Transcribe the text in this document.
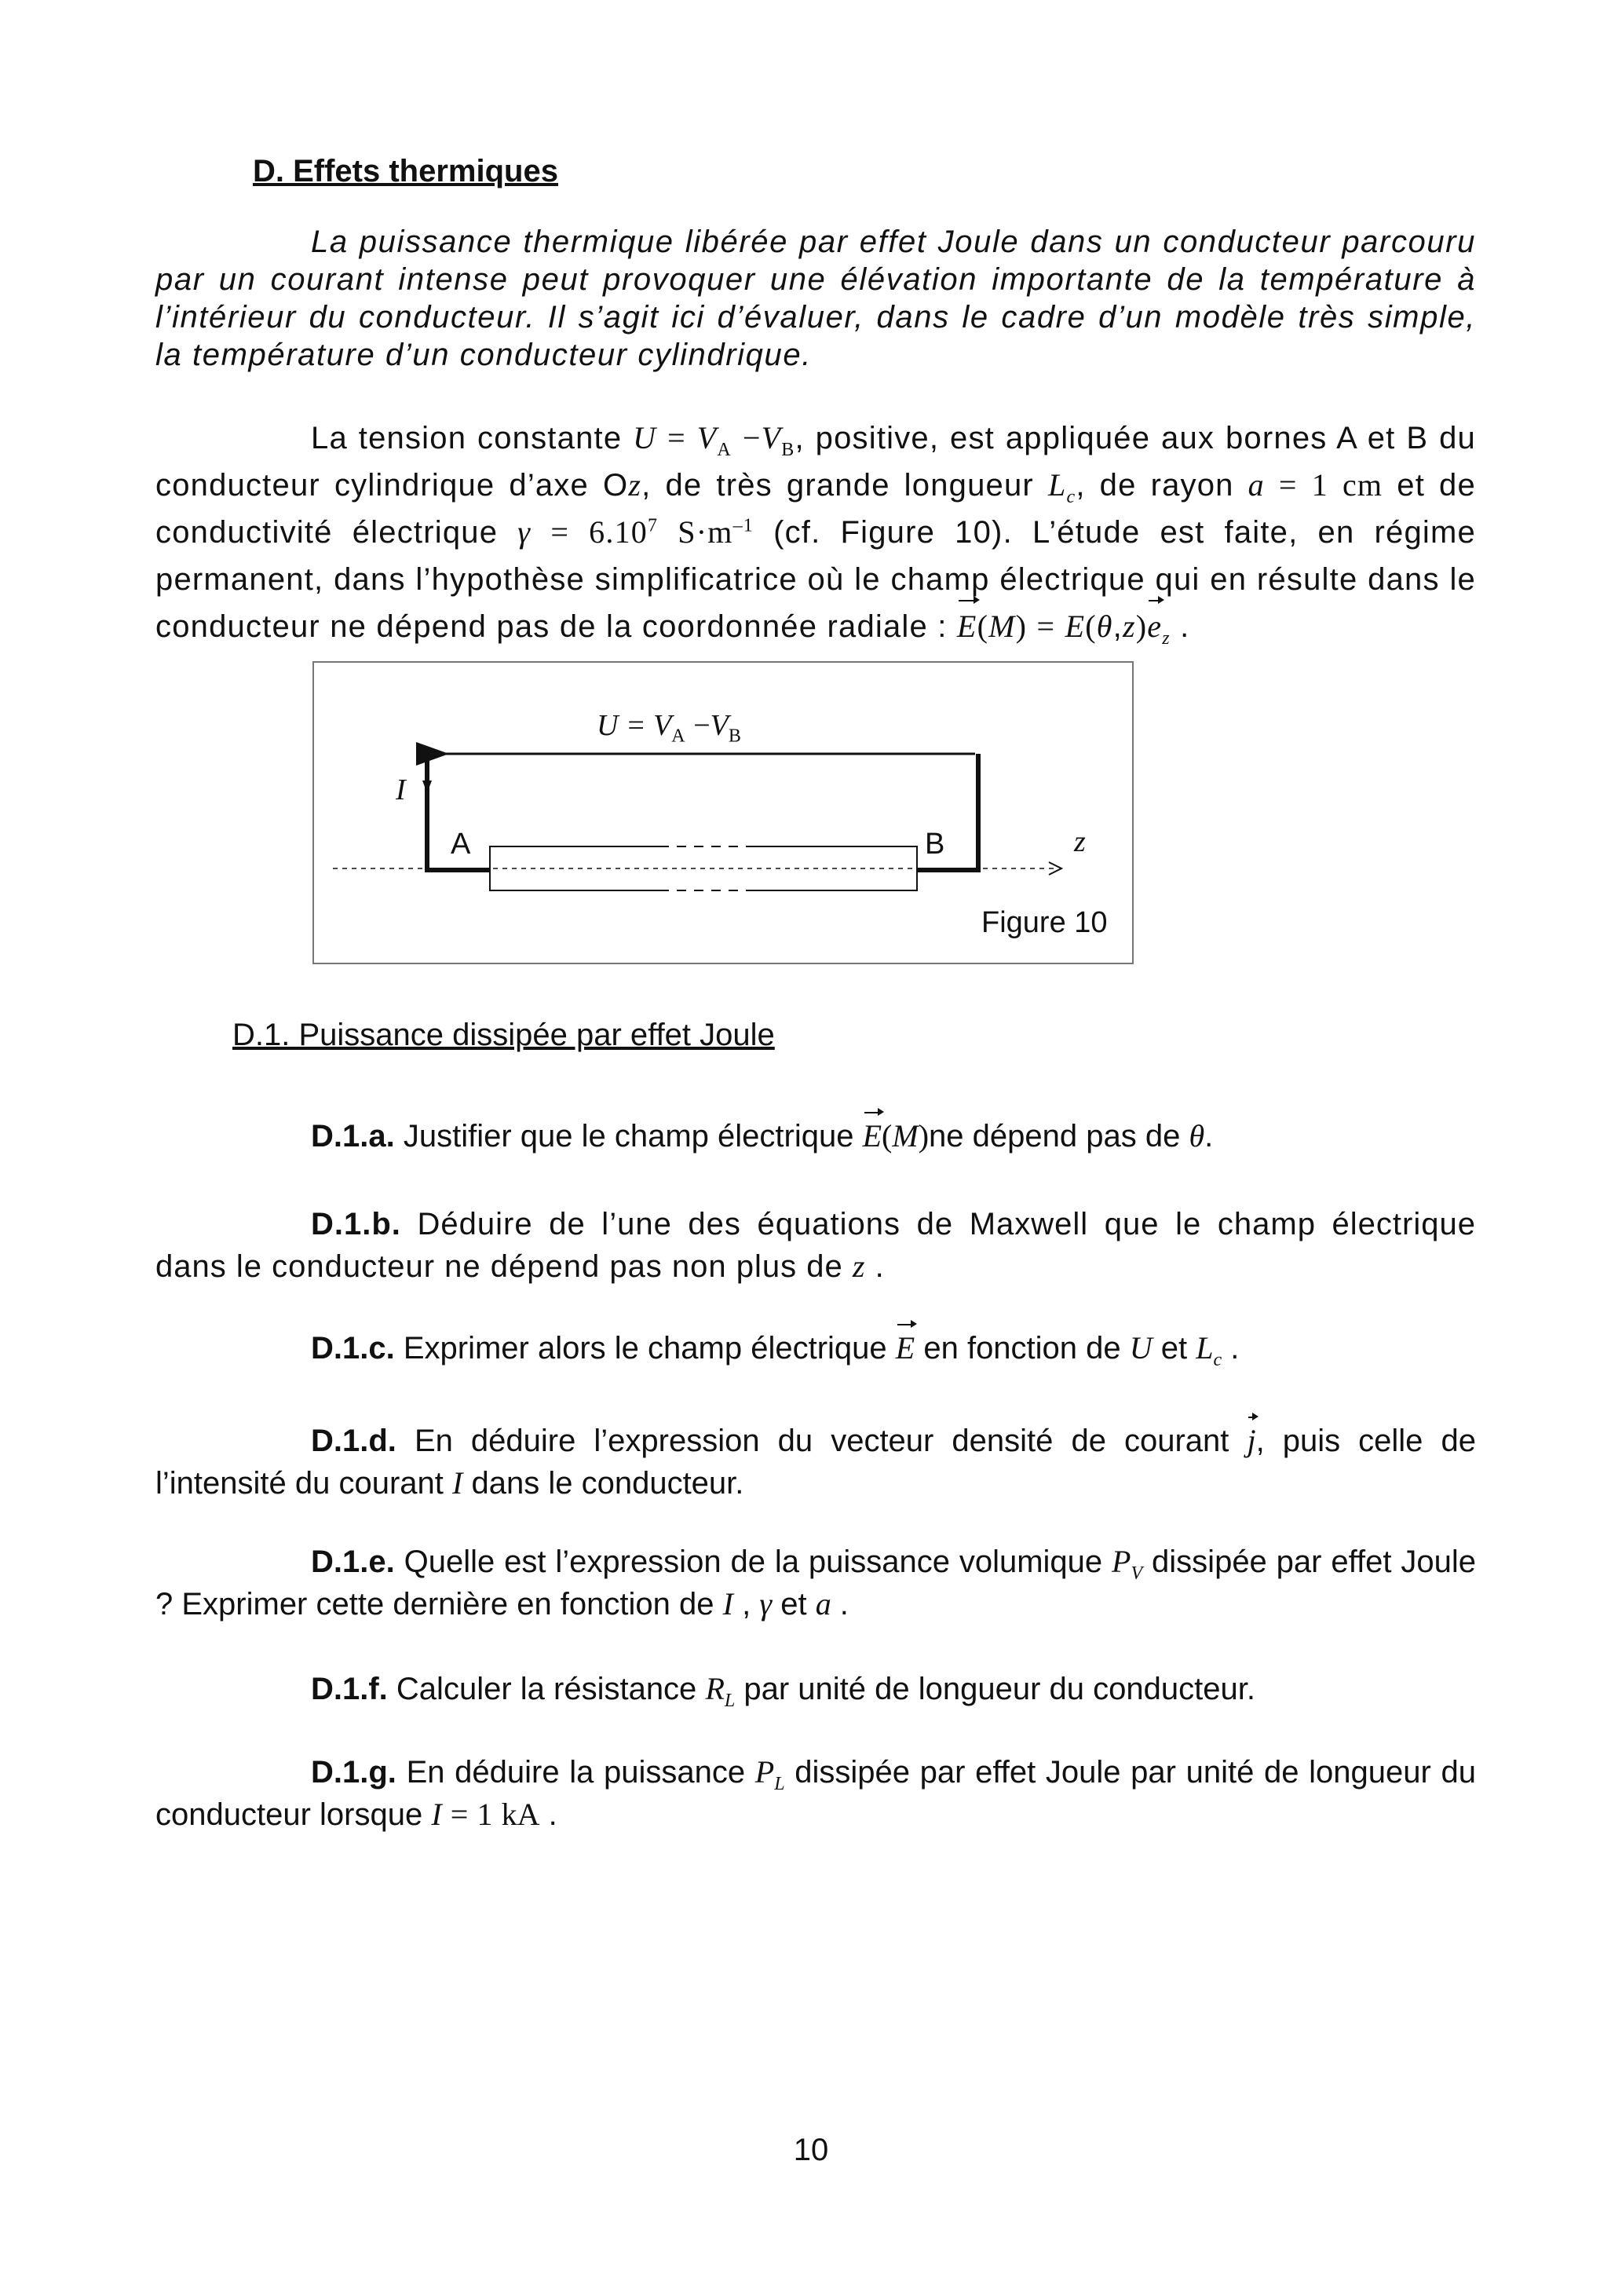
D. Effets thermiques
La puissance thermique libérée par effet Joule dans un conducteur parcouru par un courant intense peut provoquer une élévation importante de la température à l’intérieur du conducteur. Il s’agit ici d’évaluer, dans le cadre d’un modèle très simple, la température d’un conducteur cylindrique.
La tension constante $U = V_A -V_B$, positive, est appliquée aux bornes A et B du conducteur cylindrique d’axe Oz, de très grande longueur $L_c$, de rayon a = 1 cm et de conductivité électrique $\gamma = 6.10^7$ $S\cdot m^{-1}$ (cf. Figure 10). L’étude est faite, en régime permanent, dans l’hypothèse simplificatrice où le champ électrique qui en résulte dans le conducteur ne dépend pas de la coordonnée radiale : $E(M) = E(\theta,z)e_z$ .
$U = V_A -V_B$
I
A	B	z
Figure 10
D.1. Puissance dissipée par effet Joule
D.1.a. Justifier que le champ électrique E(M)ne dépend pas de θ.
D.1.b. Déduire de l’une des équations de Maxwell que le champ électrique dans le conducteur ne dépend pas non plus de z .
D.1.c. Exprimer alors le champ électrique E en fonction de U et $L_c$ .
D.1.d. En déduire l’expression du vecteur densité de courant j, puis celle de l’intensité du courant I dans le conducteur.
D.1.e. Quelle est l’expression de la puissance volumique $P_V$ dissipée par effet Joule ? Exprimer cette dernière en fonction de I , γ et a .
D.1.f. Calculer la résistance $R_L$ par unité de longueur du conducteur.
D.1.g. En déduire la puissance $P_L$ dissipée par effet Joule par unité de longueur du conducteur lorsque I = 1 kA .
10
